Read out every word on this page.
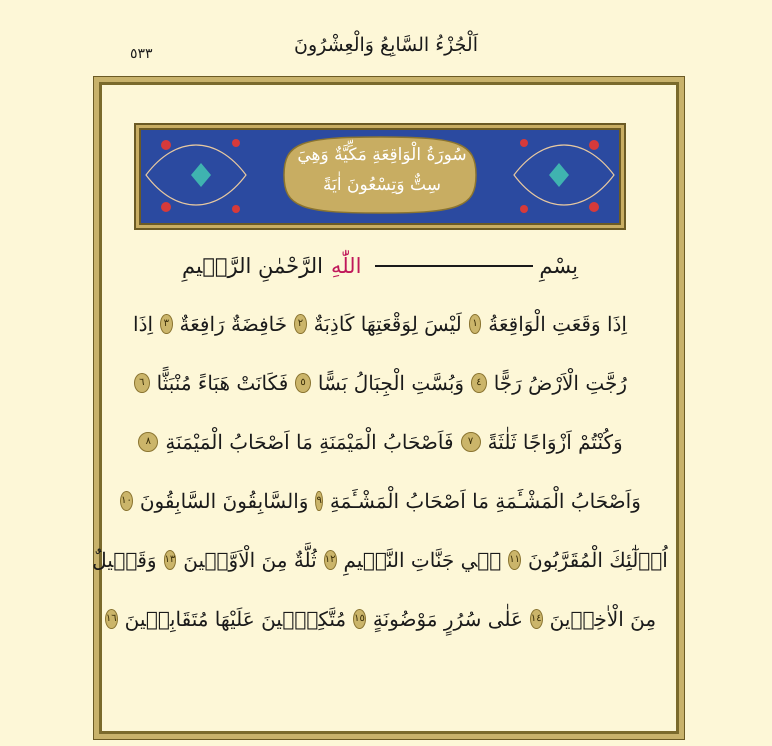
اَلْجُزْءُ السَّابِعُ وَالْعِشْرُونَ
٥٣٣
سُورَةُ الْوَاقِعَةِ مَكِّيَّةٌ وَهِيَ
سِتٌّ وَتِسْعُونَ اٰيَةً
بِسْمِ
اللّٰهِ
الرَّحْمٰنِ الرَّح۪يمِ
اِذَا وَقَعَتِ الْوَاقِعَةُ
١
لَيْسَ لِوَقْعَتِهَا كَاذِبَةٌ
٢
خَافِضَةٌ رَافِعَةٌ
٣
اِذَا
رُجَّتِ الْاَرْضُ رَجًّا
٤
وَبُسَّتِ الْجِبَالُ بَسًّا
٥
فَكَانَتْ هَبَاءً مُنْبَثًّا
٦
وَكُنْتُمْ اَزْوَاجًا ثَلٰثَةً
٧
فَاَصْحَابُ الْمَيْمَنَةِ مَا اَصْحَابُ الْمَيْمَنَةِ
٨
وَاَصْحَابُ الْمَشْـَٔمَةِ مَا اَصْحَابُ الْمَشْـَٔمَةِ
٩
وَالسَّابِقُونَ السَّابِقُونَ
١٠
اُو۬لٰٓئِكَ الْمُقَرَّبُونَ
١١
ف۪ي جَنَّاتِ النَّع۪يمِ
١٢
ثُلَّةٌ مِنَ الْاَوَّل۪ينَ
١٣
وَقَل۪يلٌ
مِنَ الْاٰخِر۪ينَ
١٤
عَلٰى سُرُرٍ مَوْضُونَةٍ
١٥
مُتَّكِـ۪ٔينَ عَلَيْهَا مُتَقَابِل۪ينَ
١٦
